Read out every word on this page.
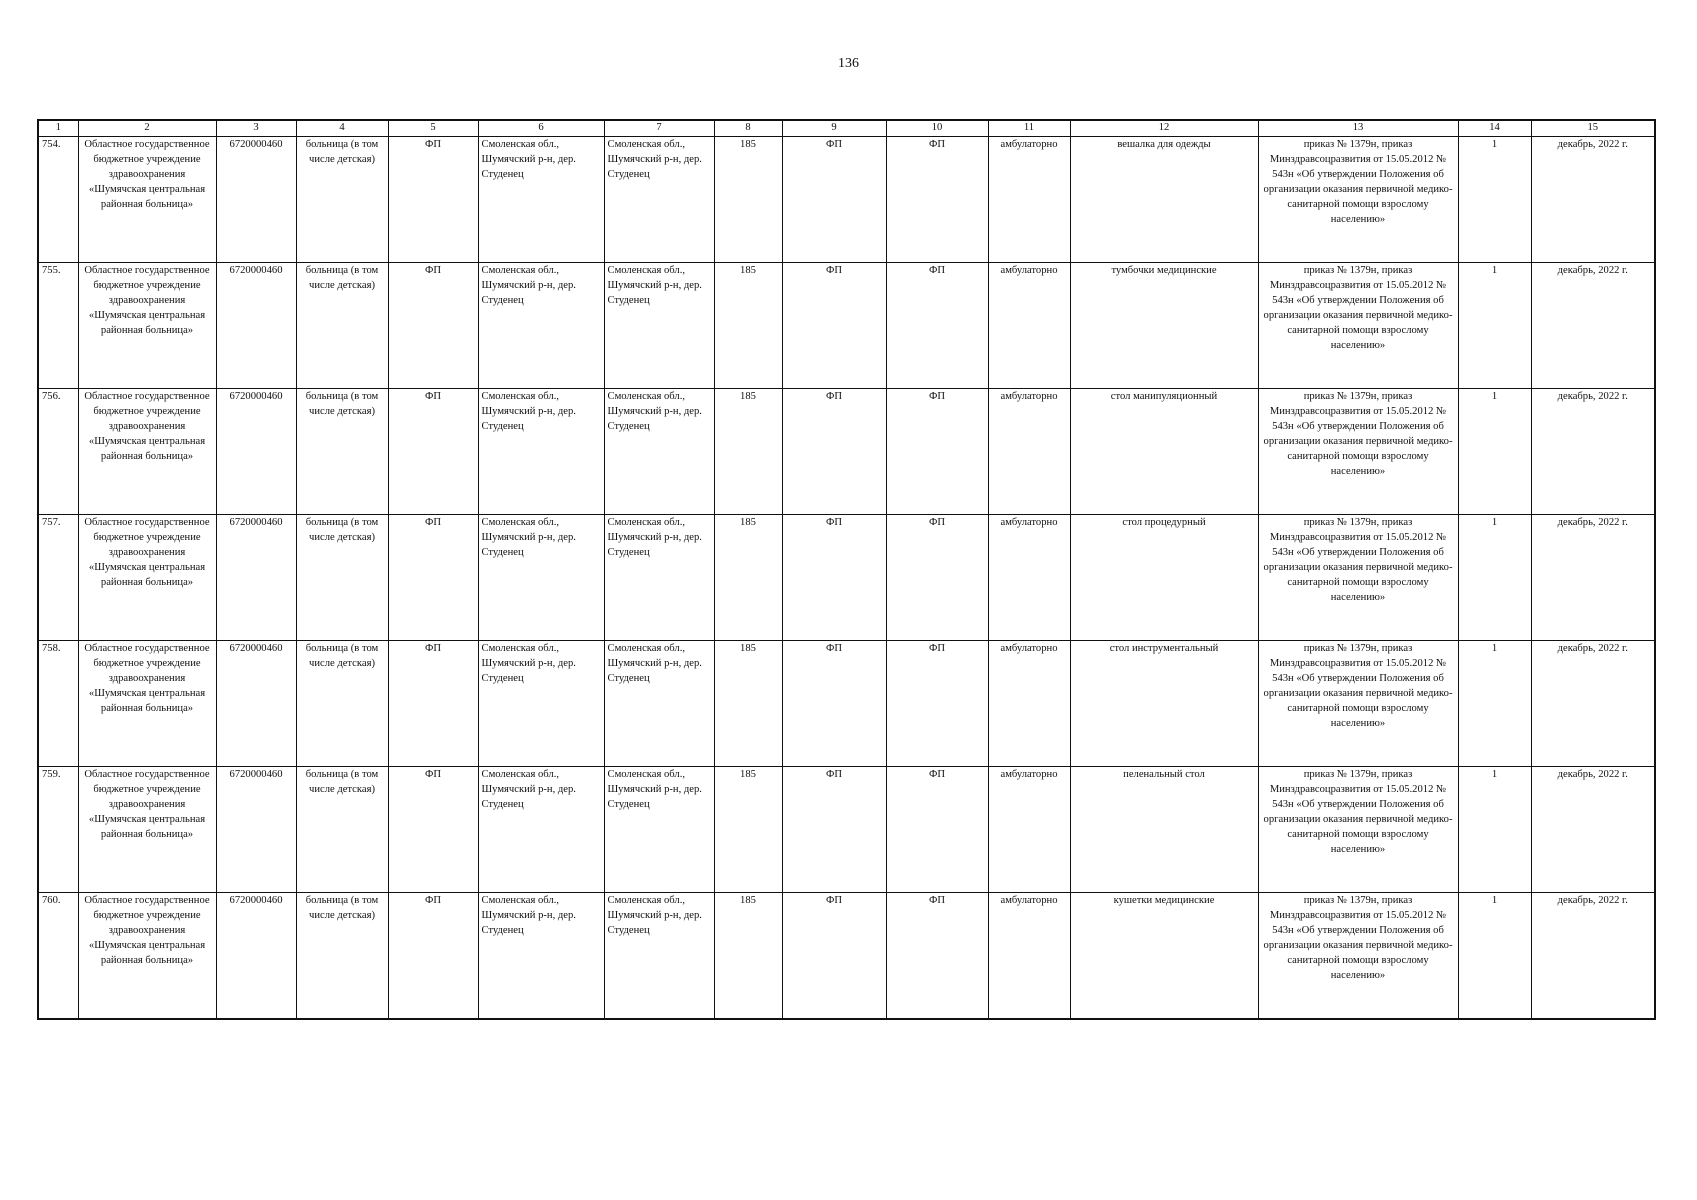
136
1	2	3	4	5	6	7	8	9	10	11	12	13	14	15
754.	Областное государственное бюджетное учреждение здравоохранения «Шумячская центральная районная больница»	6720000460	больница (в том числе детская)	ФП	Смоленская обл., Шумячский р-н, дер. Студенец	Смоленская обл., Шумячский р-н, дер. Студенец	185	ФП	ФП	амбулаторно	вешалка для одежды	приказ № 1379н, приказ Минздравсоцразвития от 15.05.2012 № 543н «Об утверждении Положения об организации оказания первичной медико-санитарной помощи взрослому населению»	1	декабрь, 2022 г.
755.	Областное государственное бюджетное учреждение здравоохранения «Шумячская центральная районная больница»	6720000460	больница (в том числе детская)	ФП	Смоленская обл., Шумячский р-н, дер. Студенец	Смоленская обл., Шумячский р-н, дер. Студенец	185	ФП	ФП	амбулаторно	тумбочки медицинские	приказ № 1379н, приказ Минздравсоцразвития от 15.05.2012 № 543н «Об утверждении Положения об организации оказания первичной медико-санитарной помощи взрослому населению»	1	декабрь, 2022 г.
756.	Областное государственное бюджетное учреждение здравоохранения «Шумячская центральная районная больница»	6720000460	больница (в том числе детская)	ФП	Смоленская обл., Шумячский р-н, дер. Студенец	Смоленская обл., Шумячский р-н, дер. Студенец	185	ФП	ФП	амбулаторно	стол манипуляционный	приказ № 1379н, приказ Минздравсоцразвития от 15.05.2012 № 543н «Об утверждении Положения об организации оказания первичной медико-санитарной помощи взрослому населению»	1	декабрь, 2022 г.
757.	Областное государственное бюджетное учреждение здравоохранения «Шумячская центральная районная больница»	6720000460	больница (в том числе детская)	ФП	Смоленская обл., Шумячский р-н, дер. Студенец	Смоленская обл., Шумячский р-н, дер. Студенец	185	ФП	ФП	амбулаторно	стол процедурный	приказ № 1379н, приказ Минздравсоцразвития от 15.05.2012 № 543н «Об утверждении Положения об организации оказания первичной медико-санитарной помощи взрослому населению»	1	декабрь, 2022 г.
758.	Областное государственное бюджетное учреждение здравоохранения «Шумячская центральная районная больница»	6720000460	больница (в том числе детская)	ФП	Смоленская обл., Шумячский р-н, дер. Студенец	Смоленская обл., Шумячский р-н, дер. Студенец	185	ФП	ФП	амбулаторно	стол инструментальный	приказ № 1379н, приказ Минздравсоцразвития от 15.05.2012 № 543н «Об утверждении Положения об организации оказания первичной медико-санитарной помощи взрослому населению»	1	декабрь, 2022 г.
759.	Областное государственное бюджетное учреждение здравоохранения «Шумячская центральная районная больница»	6720000460	больница (в том числе детская)	ФП	Смоленская обл., Шумячский р-н, дер. Студенец	Смоленская обл., Шумячский р-н, дер. Студенец	185	ФП	ФП	амбулаторно	пеленальный стол	приказ № 1379н, приказ Минздравсоцразвития от 15.05.2012 № 543н «Об утверждении Положения об организации оказания первичной медико-санитарной помощи взрослому населению»	1	декабрь, 2022 г.
760.	Областное государственное бюджетное учреждение здравоохранения «Шумячская центральная районная больница»	6720000460	больница (в том числе детская)	ФП	Смоленская обл., Шумячский р-н, дер. Студенец	Смоленская обл., Шумячский р-н, дер. Студенец	185	ФП	ФП	амбулаторно	кушетки медицинские	приказ № 1379н, приказ Минздравсоцразвития от 15.05.2012 № 543н «Об утверждении Положения об организации оказания первичной медико-санитарной помощи взрослому населению»	1	декабрь, 2022 г.
